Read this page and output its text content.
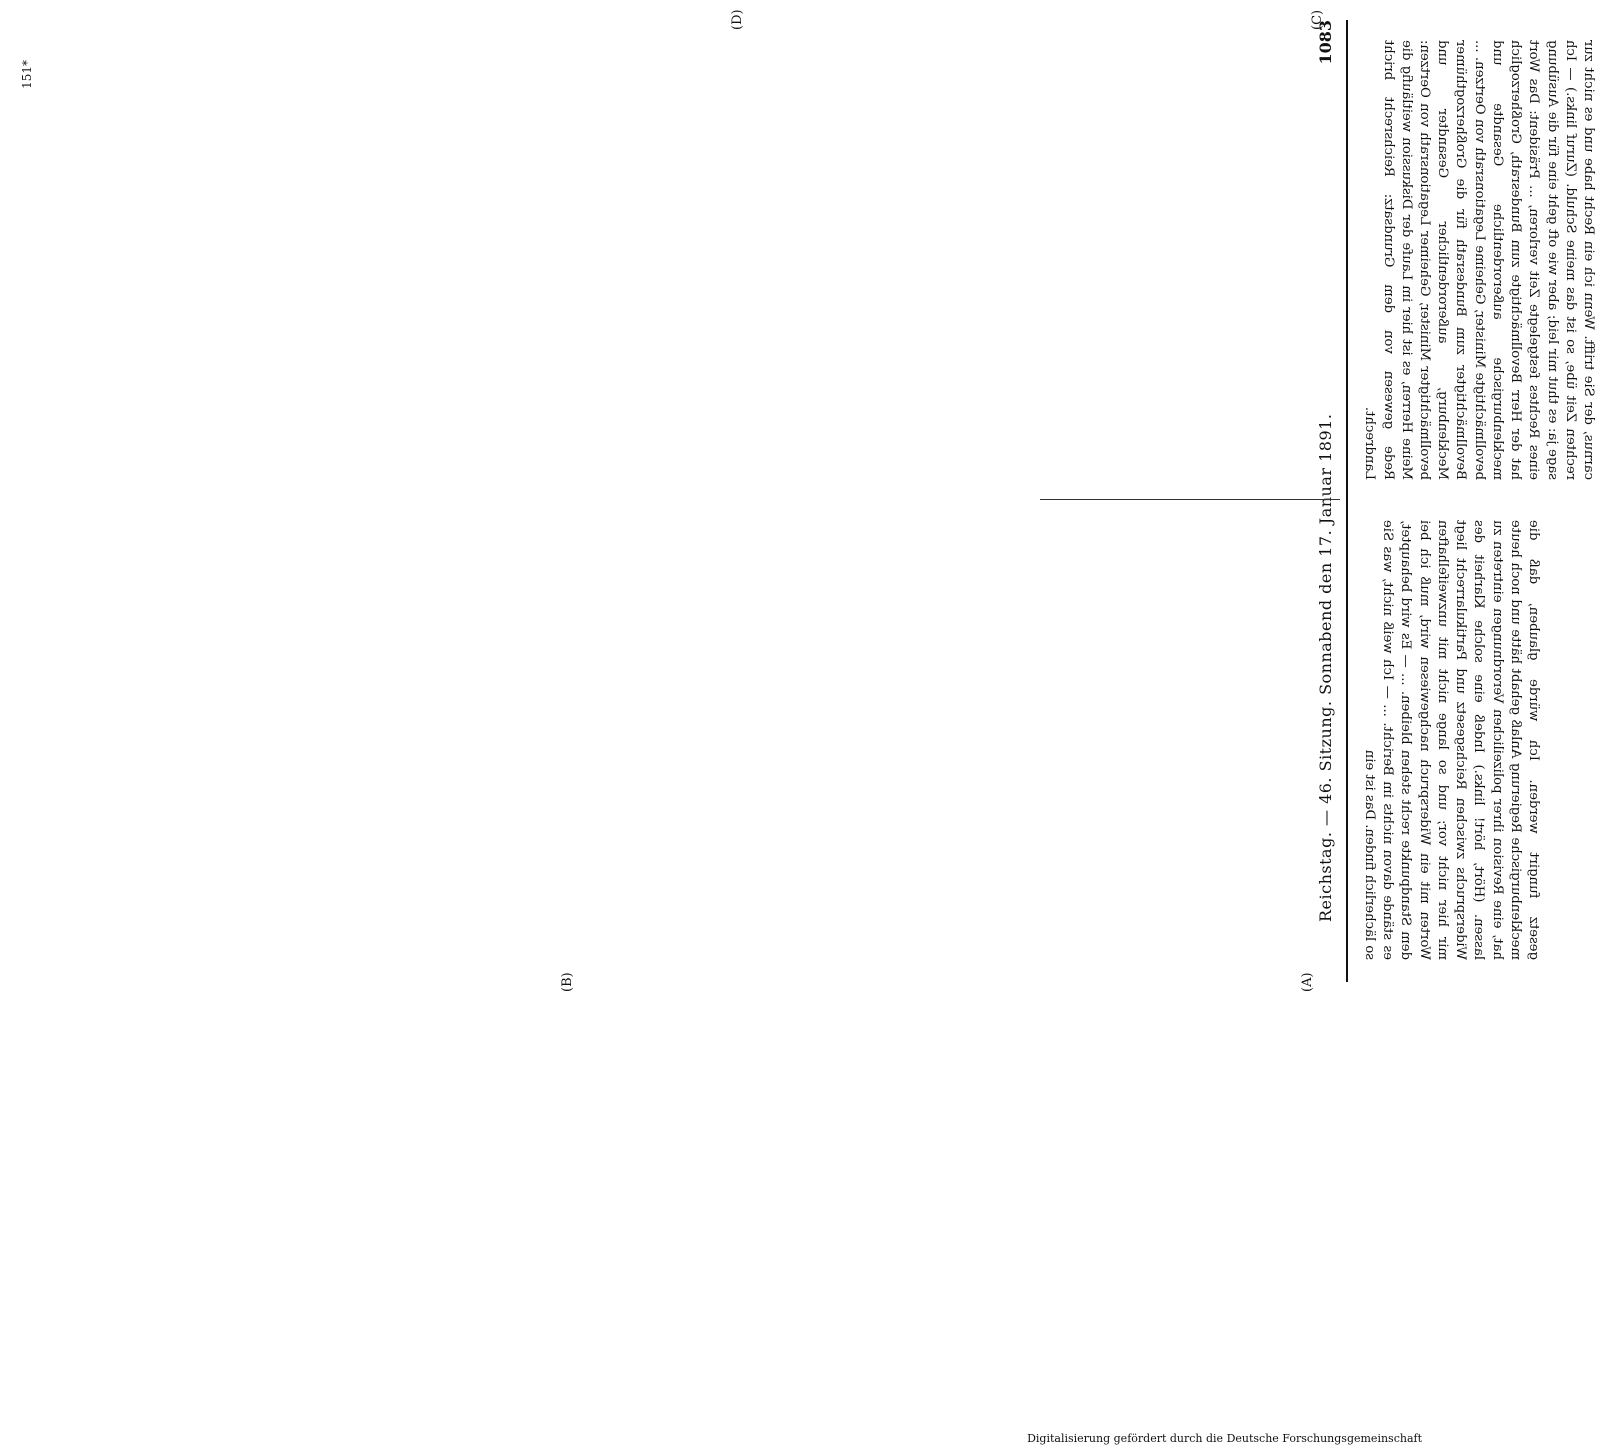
Reichstag. — 46. Sitzung. Sonnabend den 17. Januar 1891.
1083
(A)
(B)
(C)
(D)
gesetz fungirt werden. Ich würde glauben, daß die mecklenburgische Regierung Anlaß gehabt hätte und noch heute hat, eine Revision ihrer polizeilichen Verordnungen eintreten zu lassen. (Hört, hört! links.) Indeß eine solche Klarheit des Widerspruchs zwischen Reichsgesetz und Partikularrecht liegt mir hier nicht vor; und so lange nicht mit unzweifelhaften Worten mit ein Widerspruch nachgewiesen wird, muß ich bei dem Standpunkte recht stehen bleiben. ... — Es wird behauptet, es stände davon nichts im Bericht. ... — Ich weiß nicht, was Sie so lächerlich finden. Das ist ein
carnus, der Sie trifft. Wenn ich ein Recht habe und es nicht zur rechten Zeit übe, so ist das meine Schuld. (Zuruf links.) — Ich sage ja: es thut mir leid; aber wie oft geht eine für die Ausübung eines Rechtes festgelegte Zeit verloren, ... Präsident: Das Wort hat der Herr Bevollmächtigte zum Bundesrath, Großherzoglich mecklenburgische außerordentliche Gesandte und bevollmächtigte Minister, Geheime Legationsrath von Oertzen. ... Bevollmächtigter zum Bundesrath für die Großherzogthümer Mecklenburg, außerordentlicher Gesandter und bevollmächtigter Minister, Geheimer Legationsrath von Oertzen: Meine Herren, es ist hier im Laufe der Diskussion weitläufig die Rede gewesen von dem Grundsatz: Reichsrecht bricht Landrecht.
151*
Digitalisierung gefördert durch die Deutsche Forschungsgemeinschaft
